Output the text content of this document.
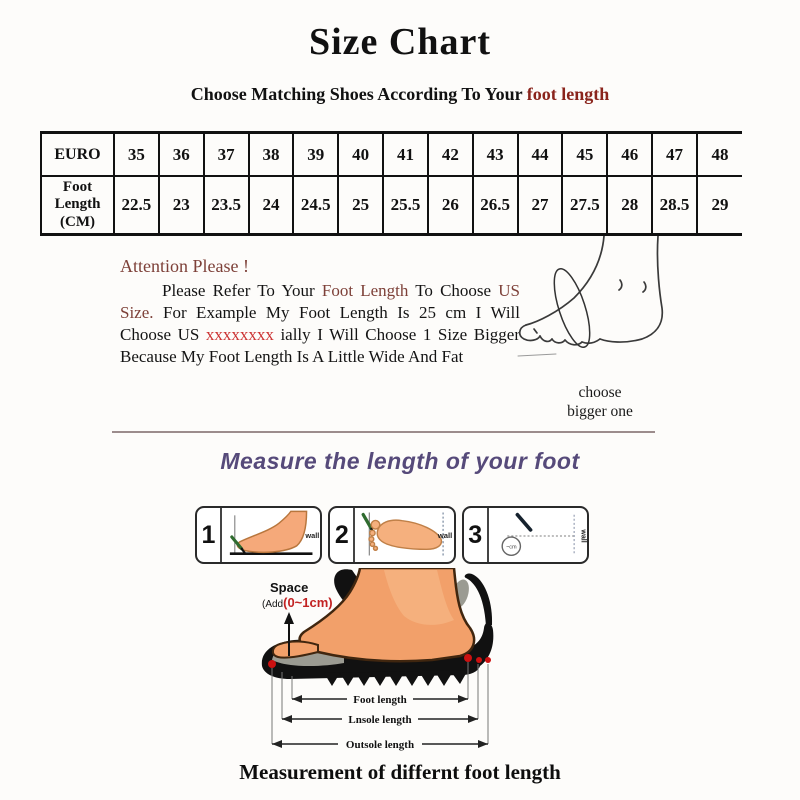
Size Chart
Choose Matching Shoes According To Your foot length
EURO	35	36	37	38	39	40	41	42	43	44	45	46	47	48
Foot Length (CM)	22.5	23	23.5	24	24.5	25	25.5	26	26.5	27	27.5	28	28.5	29

Attention Please !

Please Refer To Your Foot Length To Choose US Size. For Example My Foot Length Is 25 cm I Will Choose US xxxxxxxx ially I Will Choose 1 Size Bigger Because My Foot Length Is A Little Wide And Fat

choose
bigger one
Measure the length of your foot
1	wall 2	wall 3	~cm
wall
Space
(Add(0~1cm)
Foot length
Lnsole length
Outsole length
Measurement of differnt foot length
